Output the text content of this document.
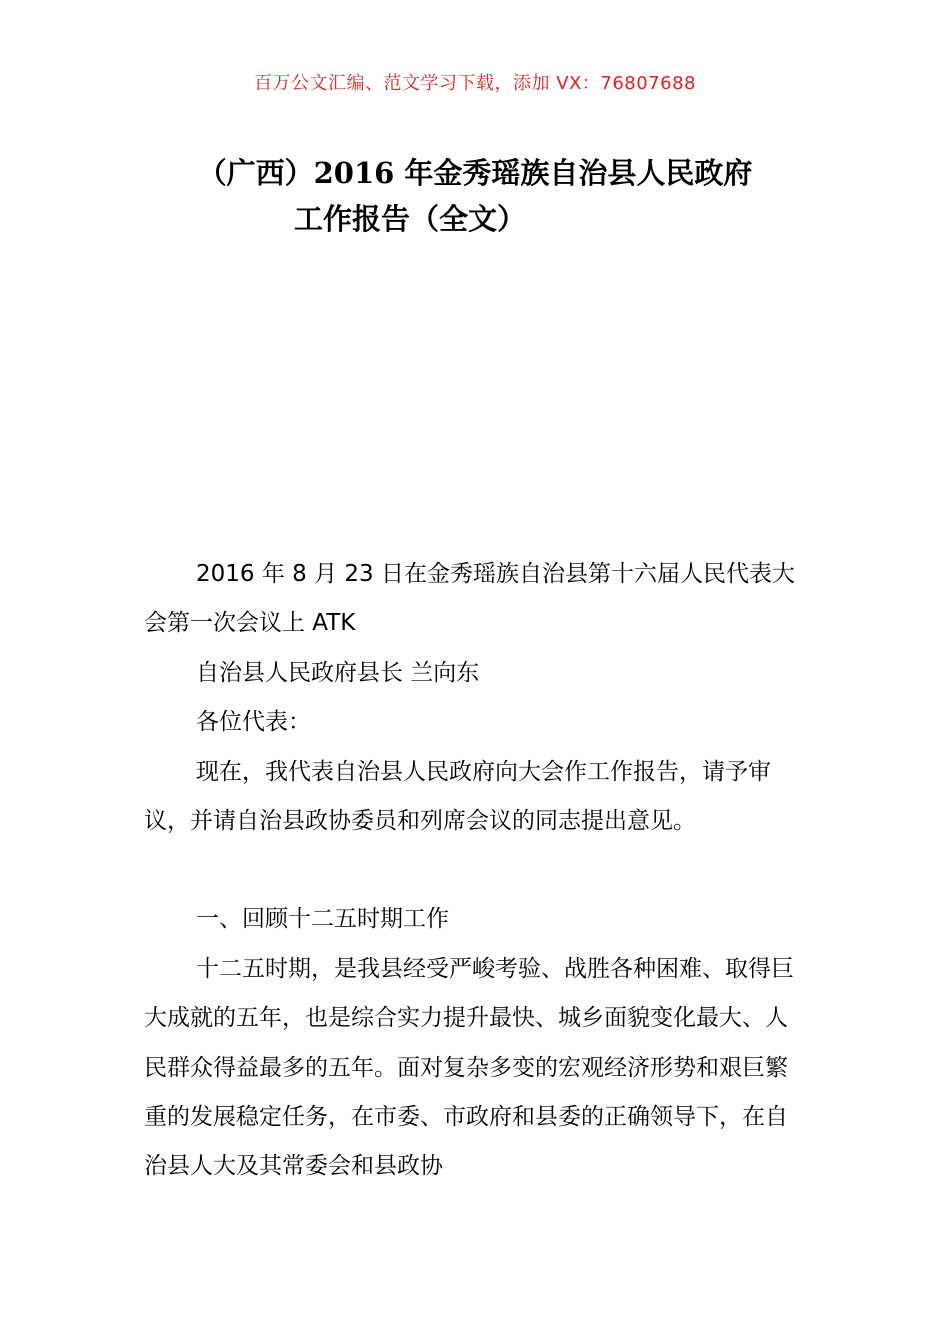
百万公文汇编、范文学习下载，添加 VX：76807688
（广西）2016 年金秀瑶族自治县人民政府
工作报告（全文）

2016 年 8 月 23 日在金秀瑶族自治县第十六届人民代表大会第一次会议上 ATK

自治县人民政府县长 兰向东

各位代表：

现在，我代表自治县人民政府向大会作工作报告，请予审议，并请自治县政协委员和列席会议的同志提出意见。

一、回顾十二五时期工作

十二五时期，是我县经受严峻考验、战胜各种困难、取得巨大成就的五年，也是综合实力提升最快、城乡面貌变化最大、人民群众得益最多的五年。面对复杂多变的宏观经济形势和艰巨繁重的发展稳定任务，在市委、市政府和县委的正确领导下，在自治县人大及其常委会和县政协
